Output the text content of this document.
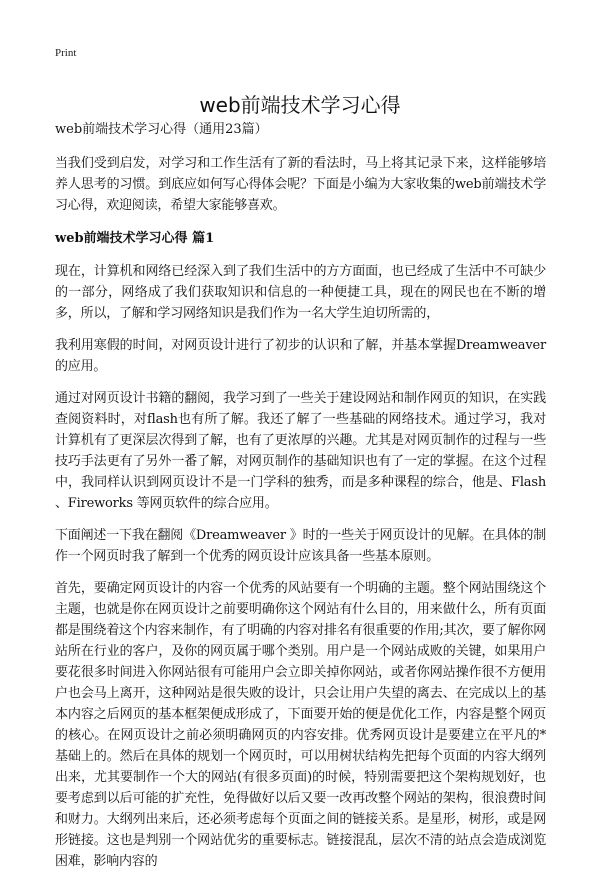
Print
web前端技术学习心得
web前端技术学习心得（通用23篇）

当我们受到启发，对学习和工作生活有了新的看法时，马上将其记录下来，这样能够培养人思考的习惯。到底应如何写心得体会呢？下面是小编为大家收集的web前端技术学习心得，欢迎阅读，希望大家能够喜欢。

web前端技术学习心得 篇1

现在，计算机和网络已经深入到了我们生活中的方方面面，也已经成了生活中不可缺少的一部分，网络成了我们获取知识和信息的一种便捷工具，现在的网民也在不断的增多，所以，了解和学习网络知识是我们作为一名大学生迫切所需的，

我利用寒假的时间，对网页设计进行了初步的认识和了解，并基本掌握Dreamweaver 的应用。

通过对网页设计书籍的翻阅，我学习到了一些关于建设网站和制作网页的知识，在实践查阅资料时，对flash也有所了解。我还了解了一些基础的网络技术。通过学习，我对计算机有了更深层次得到了解，也有了更浓厚的兴趣。尤其是对网页制作的过程与一些技巧手法更有了另外一番了解，对网页制作的基础知识也有了一定的掌握。在这个过程中，我同样认识到网页设计不是一门学科的独秀，而是多种课程的综合，他是、Flash 、Fireworks 等网页软件的综合应用。

下面阐述一下我在翻阅《Dreamweaver 》时的一些关于网页设计的见解。在具体的制作一个网页时我了解到一个优秀的网页设计应该具备一些基本原则。

首先，要确定网页设计的内容一个优秀的风站要有一个明确的主题。整个网站围绕这个主题，也就是你在网页设计之前要明确你这个网站有什么目的，用来做什么，所有页面都是围绕着这个内容来制作，有了明确的内容对排名有很重要的作用;其次，要了解你网站所在行业的客户，及你的网页属于哪个类别。用户是一个网站成败的关键，如果用户要花很多时间进入你网站很有可能用户会立即关掉你网站，或者你网站操作很不方便用户也会马上离开，这种网站是很失败的设计，只会让用户失望的离去、在完成以上的基本内容之后网页的基本框架便成形成了，下面要开始的便是优化工作，内容是整个网页的核心。在网页设计之前必须明确网页的内容安排。优秀网页设计是要建立在平凡的*基础上的。然后在具体的规划一个网页时，可以用树状结构先把每个页面的内容大纲列出来，尤其要制作一个大的网站(有很多页面)的时候，特别需要把这个架构规划好，也要考虑到以后可能的扩充性，免得做好以后又要一改再改整个网站的架构，很浪费时间和财力。大纲列出来后，还必须考虑每个页面之间的链接关系。是星形，树形，或是网形链接。这也是判别一个网站优劣的重要标志。链接混乱，层次不清的站点会造成浏览困难，影响内容的
